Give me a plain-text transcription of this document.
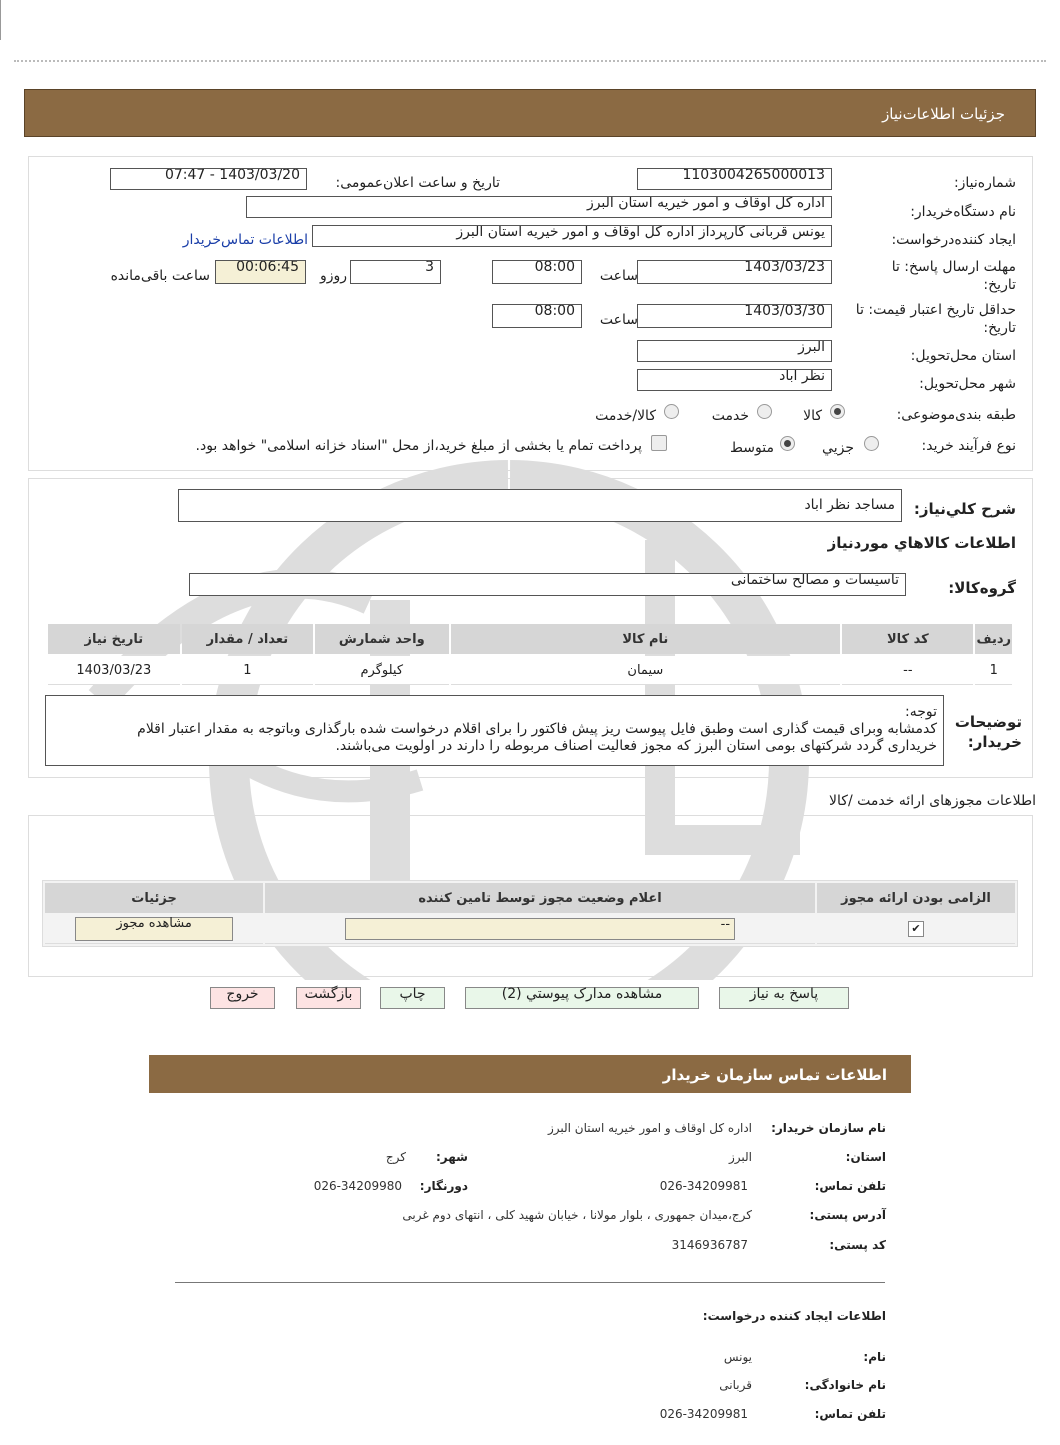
جزئیات اطلاعات‌نیاز
شماره‌نیاز:
1103004265000013
تاریخ و ساعت اعلان‌عمومی:
1403/03/20 - 07:47
نام دستگاه‌خریدار:
اداره کل اوقاف و امور خیریه استان البرز
ایجاد کننده‌درخواست:
یونس قربانی کارپرداز اداره کل اوقاف و امور خیریه استان البرز
اطلاعات تماس‌خریدار
مهلت ارسال پاسخ: تا تاریخ:
1403/03/23
ساعت
08:00
3
روزو
00:06:45
ساعت باقی‌مانده
حداقل تاریخ اعتبار قیمت: تا تاریخ:
1403/03/30
ساعت
08:00
استان محل‌تحویل:
البرز
شهر محل‌تحویل:
نظر اباد
طبقه بندی‌موضوعی:
کالا
خدمت
کالا/خدمت
نوع فرآیند خرید:
جزيي
متوسط
پرداخت تمام یا بخشی از مبلغ خرید،از محل "اسناد خزانه اسلامی" خواهد بود.
شرح کلي‌نیاز:
مساجد نظر اباد
اطلاعات کالاهاي موردنياز
گروه‌کالا:
تاسیسات و مصالح ساختمانی
رديف	کد کالا	نام کالا	واحد شمارش	تعداد / مقدار	تاریخ نیاز
1	--	سیمان	کیلوگرم	1	1403/03/23
توضیحات خریدار:
توجه:
کدمشابه وبرای قیمت گذاری است وطبق فایل پیوست ریز پیش فاکتور را برای اقلام درخواست شده بارگذاری وباتوجه به مقدار اعتبار اقلام
خریداری گردد شرکتهای بومی استان البرز که مجوز فعالیت اصناف مربوطه را دارند در اولویت می‌باشند.
اطلاعات مجوزهای ارائه خدمت /کالا
الزامی بودن ارائه مجوز	اعلام وضعیت مجوز توسط تامین کننده	جزئیات
✔	--	مشاهده مجوز
پاسخ به نیاز
مشاهده مدارک پیوستي (2)
چاپ
بازگشت
خروج
اطلاعات تماس سازمان خریدار
نام سازمان خریدار:
اداره کل اوقاف و امور خیریه استان البرز
استان:
البرز
شهر:
کرج
تلفن تماس:
026-34209981
دورنگار:
026-34209980
آدرس پستی:
کرج،میدان جمهوری ، بلوار مولانا ، خیابان شهید کلی ، انتهای دوم غربی
کد پستی:
3146936787
اطلاعات ایجاد کننده درخواست:
نام:
یونس
نام خانوادگی:
قربانی
تلفن تماس:
026-34209981
